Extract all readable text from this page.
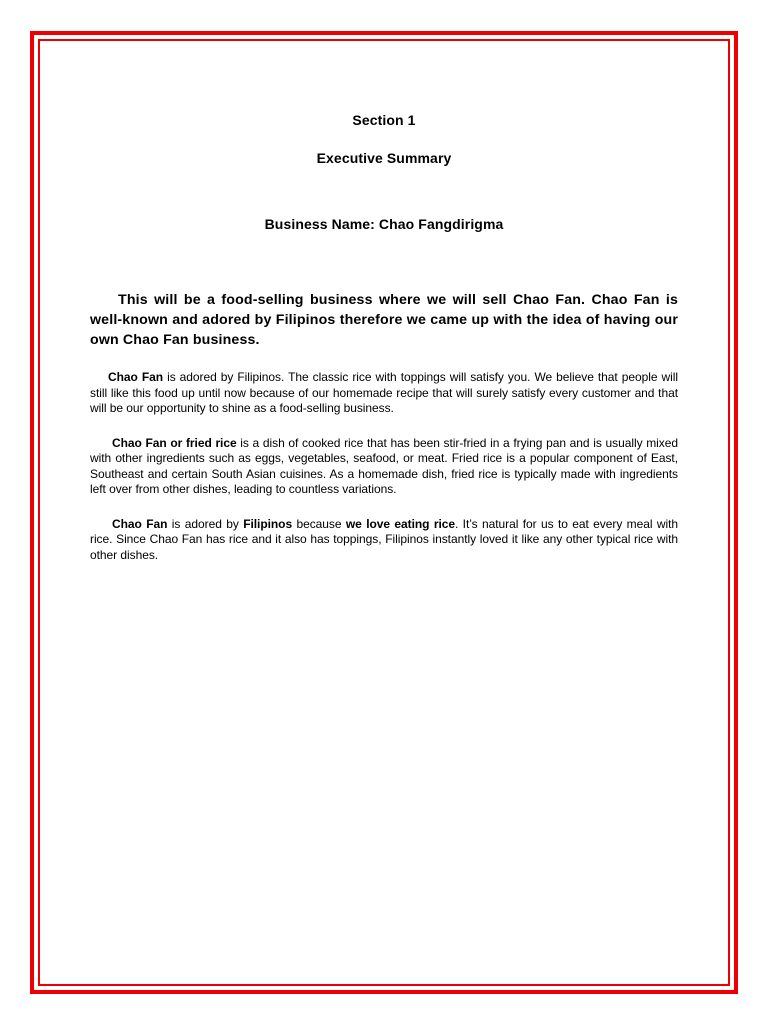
Section 1

Executive Summary

Business Name: Chao Fangdirigma

This will be a food-selling business where we will sell Chao Fan. Chao Fan is well-known and adored by Filipinos therefore we came up with the idea of having our own Chao Fan business.

Chao Fan is adored by Filipinos. The classic rice with toppings will satisfy you. We believe that people will still like this food up until now because of our homemade recipe that will surely satisfy every customer and that will be our opportunity to shine as a food-selling business.

Chao Fan or fried rice is a dish of cooked rice that has been stir-fried in a frying pan and is usually mixed with other ingredients such as eggs, vegetables, seafood, or meat. Fried rice is a popular component of East, Southeast and certain South Asian cuisines. As a homemade dish, fried rice is typically made with ingredients left over from other dishes, leading to countless variations.

Chao Fan is adored by Filipinos because we love eating rice. It’s natural for us to eat every meal with rice. Since Chao Fan has rice and it also has toppings, Filipinos instantly loved it like any other typical rice with other dishes.
